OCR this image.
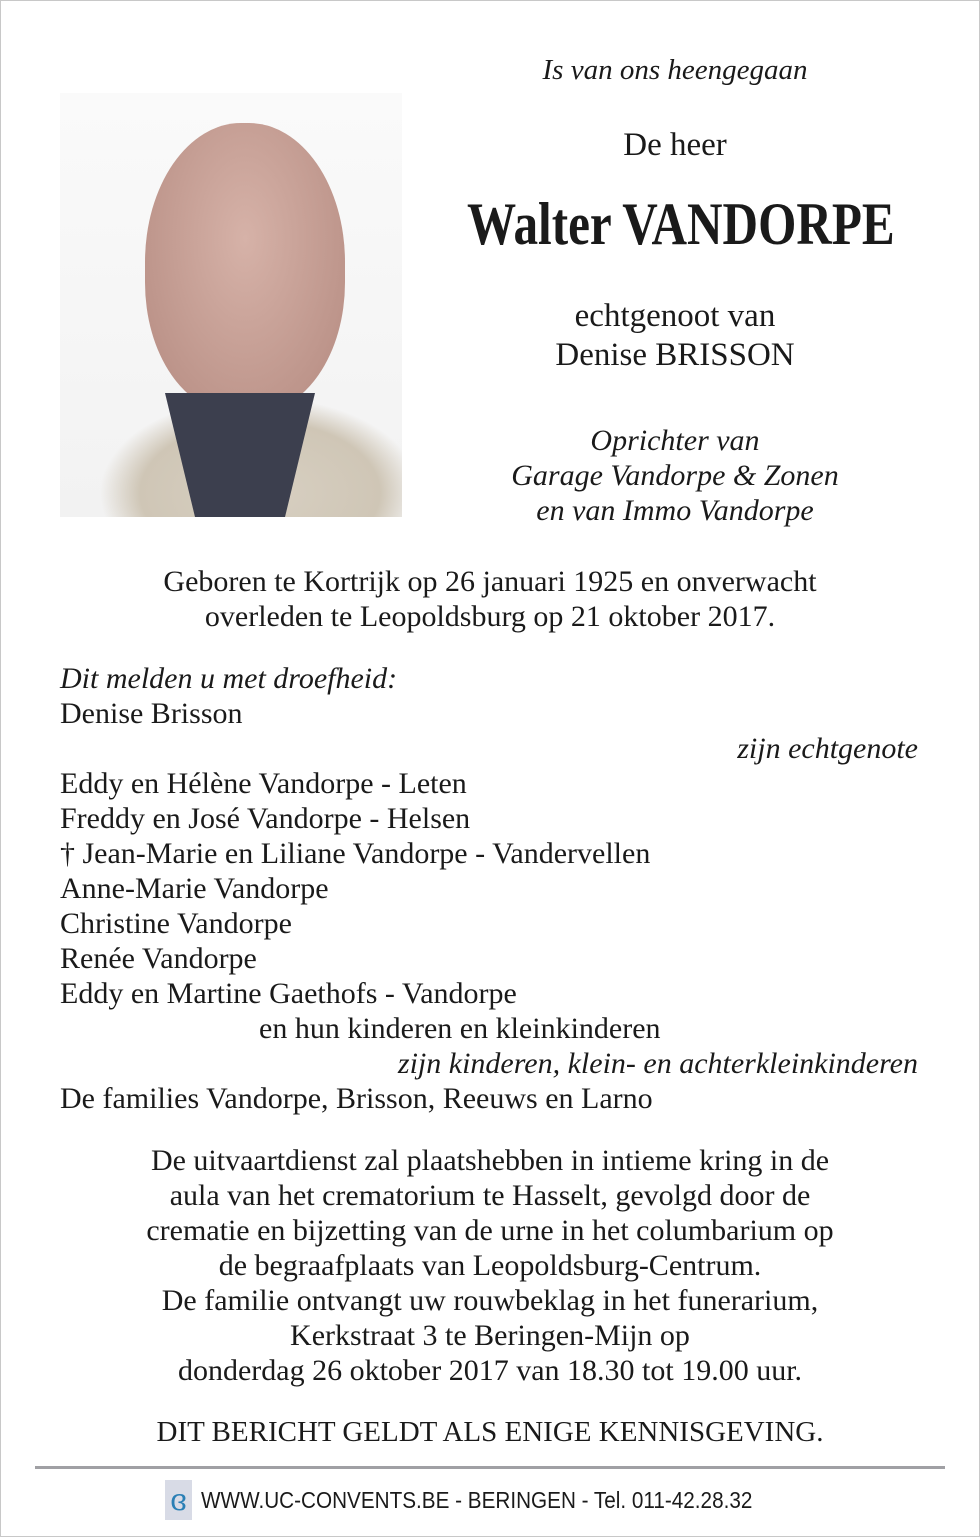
Is van ons heengegaan
De heer
Walter VANDORPE
echtgenoot van
Denise BRISSON
Oprichter van
Garage Vandorpe & Zonen
en van Immo Vandorpe
Geboren te Kortrijk op 26 januari 1925 en onverwacht
overleden te Leopoldsburg op 21 oktober 2017.
Dit melden u met droefheid:
Denise Brisson
zijn echtgenote
Eddy en Hélène Vandorpe - Leten
Freddy en José Vandorpe - Helsen
† Jean-Marie en Liliane Vandorpe - Vandervellen
Anne-Marie Vandorpe
Christine Vandorpe
Renée Vandorpe
Eddy en Martine Gaethofs - Vandorpe
en hun kinderen en kleinkinderen
zijn kinderen, klein- en achterkleinkinderen
De families Vandorpe, Brisson, Reeuws en Larno
De uitvaartdienst zal plaatshebben in intieme kring in de
aula van het crematorium te Hasselt, gevolgd door de
crematie en bijzetting van de urne in het columbarium op
de begraafplaats van Leopoldsburg-Centrum.
De familie ontvangt uw rouwbeklag in het funerarium,
Kerkstraat 3 te Beringen-Mijn op
donderdag 26 oktober 2017 van 18.30 tot 19.00 uur.
DIT BERICHT GELDT ALS ENIGE KENNISGEVING.
ɞ WWW.UC-CONVENTS.BE - BERINGEN - Tel. 011-42.28.32
